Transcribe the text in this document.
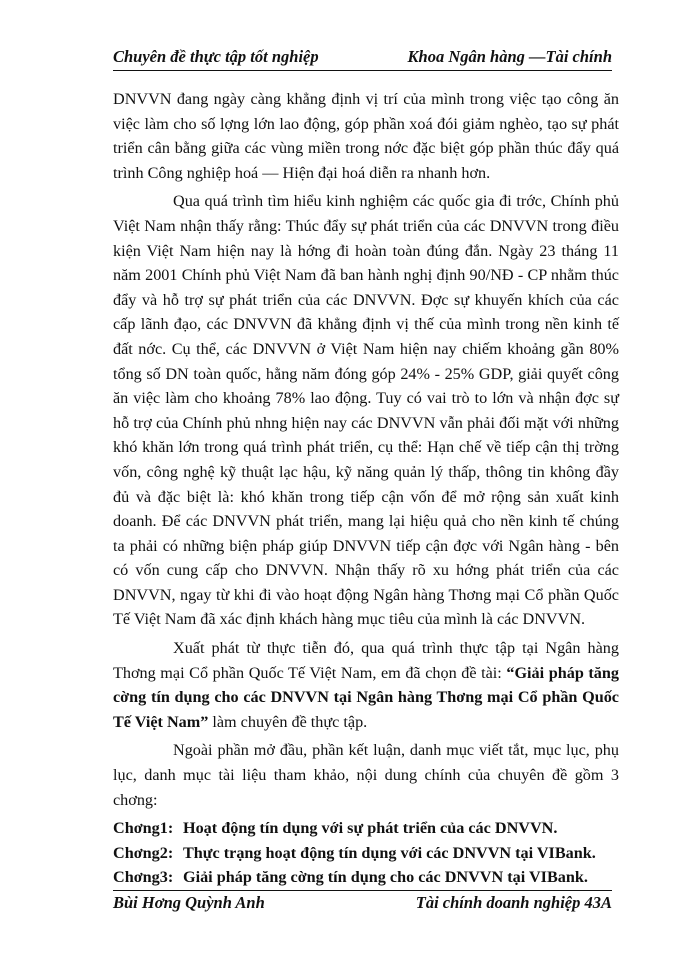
Chuyên đề thực tập tốt nghiệp	Khoa Ngân hàng —Tài chính

DNVVN đang ngày càng khẳng định vị trí của mình trong việc tạo công ăn việc làm cho số lợng lớn lao động, góp phần xoá đói giảm nghèo, tạo sự phát triển cân bằng giữa các vùng miền trong nớc đặc biệt góp phần thúc đẩy quá trình Công nghiệp hoá — Hiện đại hoá diễn ra nhanh hơn.

Qua quá trình tìm hiểu kinh nghiệm các quốc gia đi trớc, Chính phủ Việt Nam nhận thấy rằng: Thúc đẩy sự phát triển của các DNVVN trong điều kiện Việt Nam hiện nay là hớng đi hoàn toàn đúng đắn. Ngày 23 tháng 11 năm 2001 Chính phủ Việt Nam đã ban hành nghị định 90/NĐ - CP nhằm thúc đẩy và hỗ trợ sự phát triển của các DNVVN. Đợc sự khuyến khích của các cấp lãnh đạo, các DNVVN đã khẳng định vị thế của mình trong nền kinh tế đất nớc. Cụ thể, các DNVVN ở Việt Nam hiện nay chiếm khoảng gần 80% tổng số DN toàn quốc, hằng năm đóng góp 24% - 25% GDP, giải quyết công ăn việc làm cho khoảng 78% lao động. Tuy có vai trò to lớn và nhận đợc sự hỗ trợ của Chính phủ nhng hiện nay các DNVVN vẫn phải đối mặt với những khó khăn lớn trong quá trình phát triển, cụ thể: Hạn chế về tiếp cận thị trờng vốn, công nghệ kỹ thuật lạc hậu, kỹ năng quản lý thấp, thông tin không đầy đủ và đặc biệt là: khó khăn trong tiếp cận vốn để mở rộng sản xuất kinh doanh. Để các DNVVN phát triển, mang lại hiệu quả cho nền kinh tế chúng ta phải có những biện pháp giúp DNVVN tiếp cận đợc với Ngân hàng - bên có vốn cung cấp cho DNVVN. Nhận thấy rõ xu hớng phát triển của các DNVVN, ngay từ khi đi vào hoạt động Ngân hàng Thơng mại Cổ phần Quốc Tế Việt Nam đã xác định khách hàng mục tiêu của mình là các DNVVN.

Xuất phát từ thực tiễn đó, qua quá trình thực tập tại Ngân hàng Thơng mại Cổ phần Quốc Tế Việt Nam, em đã chọn đề tài: “Giải pháp tăng cờng tín dụng cho các DNVVN tại Ngân hàng Thơng mại Cổ phần Quốc Tế Việt Nam” làm chuyên đề thực tập.

Ngoài phần mở đầu, phần kết luận, danh mục viết tắt, mục lục, phụ lục, danh mục tài liệu tham khảo, nội dung chính của chuyên đề gồm 3 chơng:

Chơng1: Hoạt động tín dụng với sự phát triển của các DNVVN.
Chơng2: Thực trạng hoạt động tín dụng với các DNVVN tại VIBank.
Chơng3: Giải pháp tăng cờng tín dụng cho các DNVVN tại VIBank.
Bùi Hơng Quỳnh Anh	Tài chính doanh nghiệp 43A
